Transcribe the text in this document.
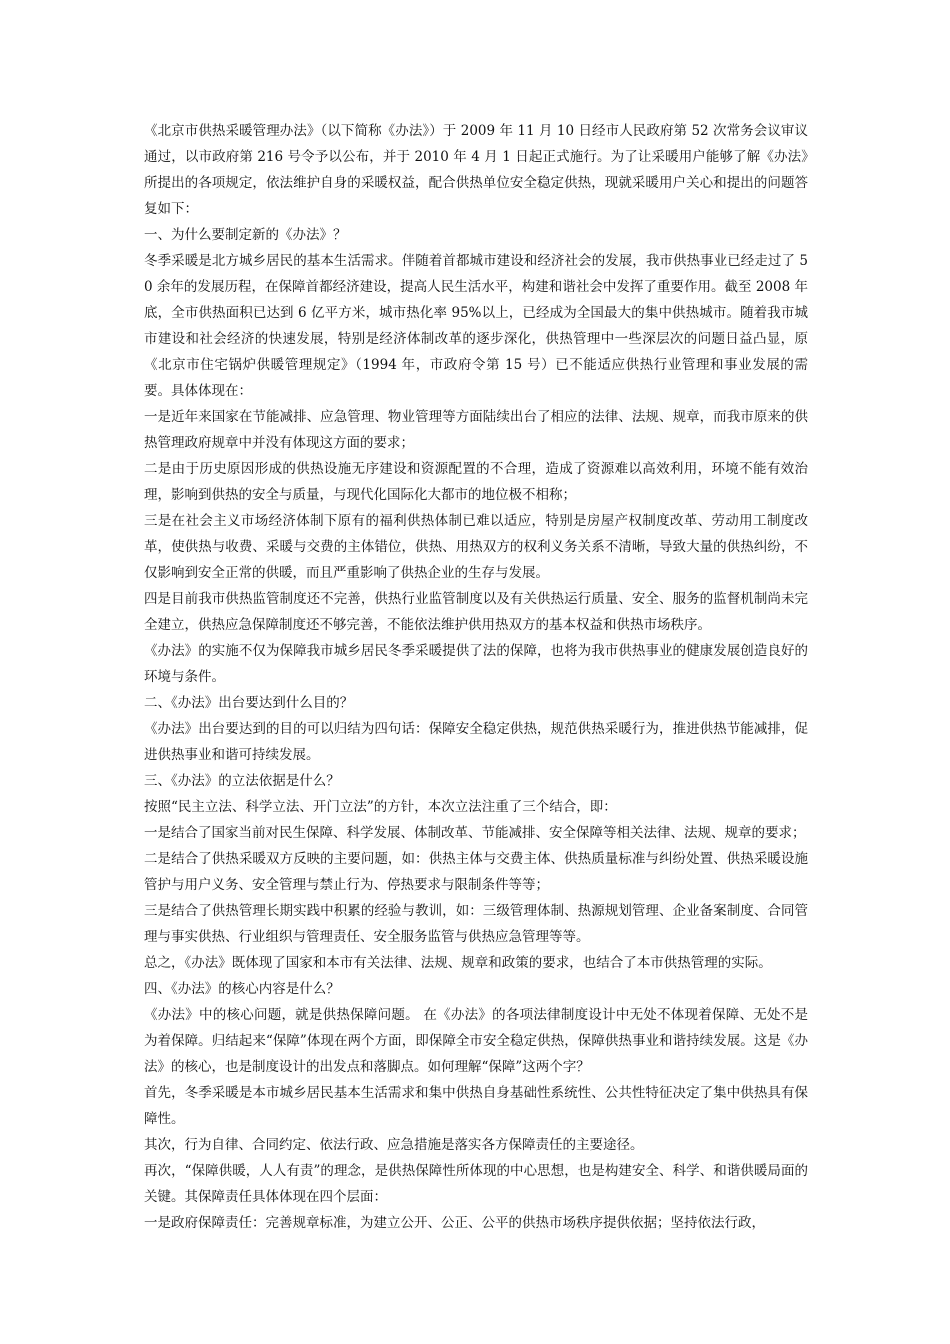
《北京市供热采暖管理办法》（以下简称《办法》）于 2009 年 11 月 10 日经市人民政府第 52 次常务会议审议通过，以市政府第 216 号令予以公布，并于 2010 年 4 月 1 日起正式施行。为了让采暖用户能够了解《办法》所提出的各项规定，依法维护自身的采暖权益，配合供热单位安全稳定供热，现就采暖用户关心和提出的问题答复如下：

一、为什么要制定新的《办法》？

冬季采暖是北方城乡居民的基本生活需求。伴随着首都城市建设和经济社会的发展，我市供热事业已经走过了 50 余年的发展历程，在保障首都经济建设，提高人民生活水平，构建和谐社会中发挥了重要作用。截至 2008 年底，全市供热面积已达到 6 亿平方米，城市热化率 95%以上，已经成为全国最大的集中供热城市。随着我市城市建设和社会经济的快速发展，特别是经济体制改革的逐步深化，供热管理中一些深层次的问题日益凸显，原《北京市住宅锅炉供暖管理规定》（1994 年，市政府令第 15 号）已不能适应供热行业管理和事业发展的需要。具体体现在：

一是近年来国家在节能减排、应急管理、物业管理等方面陆续出台了相应的法律、法规、规章，而我市原来的供热管理政府规章中并没有体现这方面的要求；

二是由于历史原因形成的供热设施无序建设和资源配置的不合理，造成了资源难以高效利用，环境不能有效治理，影响到供热的安全与质量，与现代化国际化大都市的地位极不相称；

三是在社会主义市场经济体制下原有的福利供热体制已难以适应，特别是房屋产权制度改革、劳动用工制度改革，使供热与收费、采暖与交费的主体错位，供热、用热双方的权利义务关系不清晰，导致大量的供热纠纷，不仅影响到安全正常的供暖，而且严重影响了供热企业的生存与发展。

四是目前我市供热监管制度还不完善，供热行业监管制度以及有关供热运行质量、安全、服务的监督机制尚未完全建立，供热应急保障制度还不够完善，不能依法维护供用热双方的基本权益和供热市场秩序。

《办法》的实施不仅为保障我市城乡居民冬季采暖提供了法的保障，也将为我市供热事业的健康发展创造良好的环境与条件。

二、《办法》出台要达到什么目的？

《办法》出台要达到的目的可以归结为四句话：保障安全稳定供热，规范供热采暖行为，推进供热节能减排，促进供热事业和谐可持续发展。

三、《办法》的立法依据是什么？

按照“民主立法、科学立法、开门立法”的方针，本次立法注重了三个结合，即：

一是结合了国家当前对民生保障、科学发展、体制改革、节能减排、安全保障等相关法律、法规、规章的要求；

二是结合了供热采暖双方反映的主要问题，如：供热主体与交费主体、供热质量标准与纠纷处置、供热采暖设施管护与用户义务、安全管理与禁止行为、停热要求与限制条件等等；

三是结合了供热管理长期实践中积累的经验与教训，如：三级管理体制、热源规划管理、企业备案制度、合同管理与事实供热、行业组织与管理责任、安全服务监管与供热应急管理等等。

总之，《办法》既体现了国家和本市有关法律、法规、规章和政策的要求，也结合了本市供热管理的实际。

四、《办法》的核心内容是什么？

《办法》中的核心问题，就是供热保障问题。 在《办法》的各项法律制度设计中无处不体现着保障、无处不是为着保障。归结起来“保障”体现在两个方面，即保障全市安全稳定供热，保障供热事业和谐持续发展。这是《办法》的核心，也是制度设计的出发点和落脚点。如何理解“保障”这两个字？

首先，冬季采暖是本市城乡居民基本生活需求和集中供热自身基础性系统性、公共性特征决定了集中供热具有保障性。

其次，行为自律、合同约定、依法行政、应急措施是落实各方保障责任的主要途径。

再次，“保障供暖，人人有责”的理念，是供热保障性所体现的中心思想，也是构建安全、科学、和谐供暖局面的关键。其保障责任具体体现在四个层面：

一是政府保障责任：完善规章标准，为建立公开、公正、公平的供热市场秩序提供依据；坚持依法行政，
